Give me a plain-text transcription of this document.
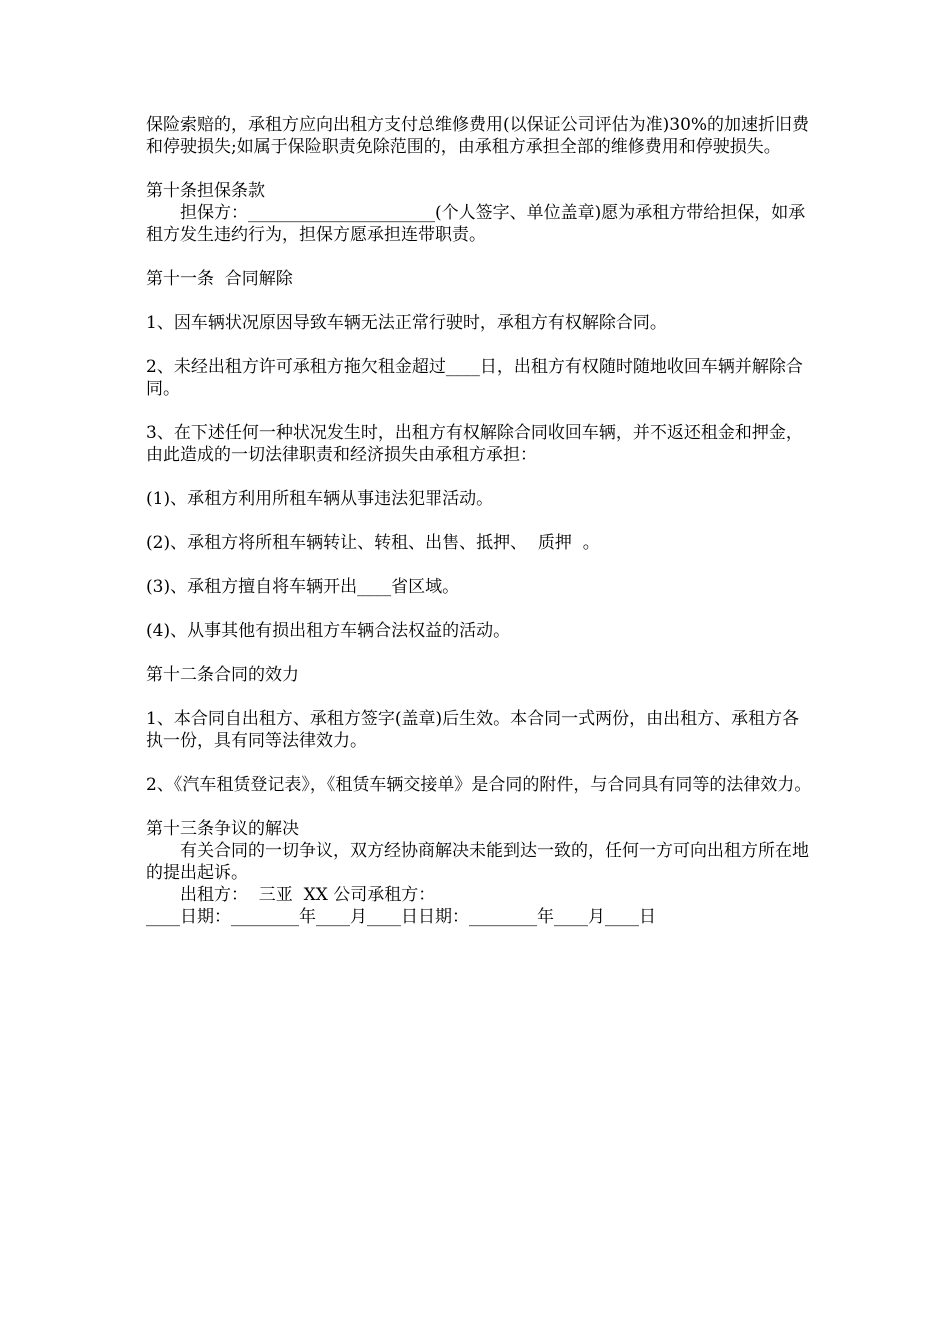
保险索赔的，承租方应向出租方支付总维修费用(以保证公司评估为准)30%的加速折旧费和停驶损失;如属于保险职责免除范围的，由承租方承担全部的维修费用和停驶损失。

第十条担保条款

担保方：______________________(个人签字、单位盖章)愿为承租方带给担保，如承租方发生违约行为，担保方愿承担连带职责。

第十一条  合同解除

1、因车辆状况原因导致车辆无法正常行驶时，承租方有权解除合同。

2、未经出租方许可承租方拖欠租金超过____日，出租方有权随时随地收回车辆并解除合同。

3、在下述任何一种状况发生时，出租方有权解除合同收回车辆，并不返还租金和押金，由此造成的一切法律职责和经济损失由承租方承担：

(1)、承租方利用所租车辆从事违法犯罪活动。

(2)、承租方将所租车辆转让、转租、出售、抵押、  质押  。

(3)、承租方擅自将车辆开出____省区域。

(4)、从事其他有损出租方车辆合法权益的活动。

第十二条合同的效力

1、本合同自出租方、承租方签字(盖章)后生效。本合同一式两份，由出租方、承租方各执一份，具有同等法律效力。

2、《汽车租赁登记表》，《租赁车辆交接单》是合同的附件，与合同具有同等的法律效力。

第十三条争议的解决

有关合同的一切争议，双方经协商解决未能到达一致的，任何一方可向出租方所在地的提出起诉。

出租方：  三亚  XX 公司承租方：

____日期：________年____月____日日期：________年____月____日
